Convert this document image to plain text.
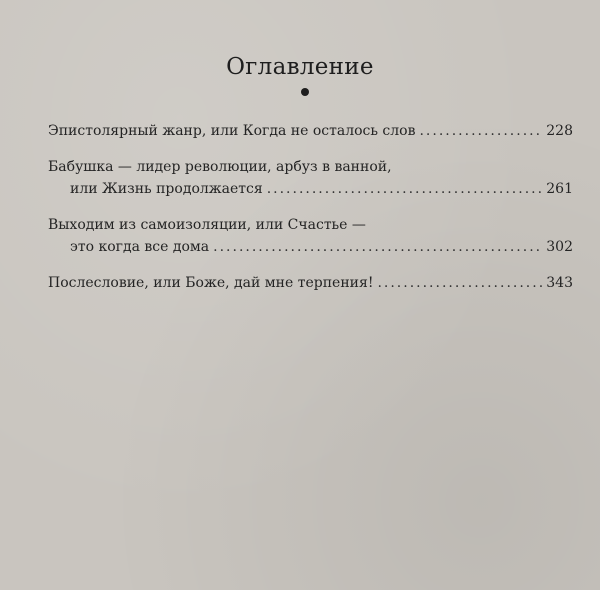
Оглавление
Эпистолярный жанр, или Когда не осталось слов .....	228
Бабушка — лидер революции, арбуз в ванной,
или Жизнь продолжается .....	261
Выходим из самоизоляции, или Счастье —
это когда все дома .....	302
Послесловие, или Боже, дай мне терпения! .....	343
